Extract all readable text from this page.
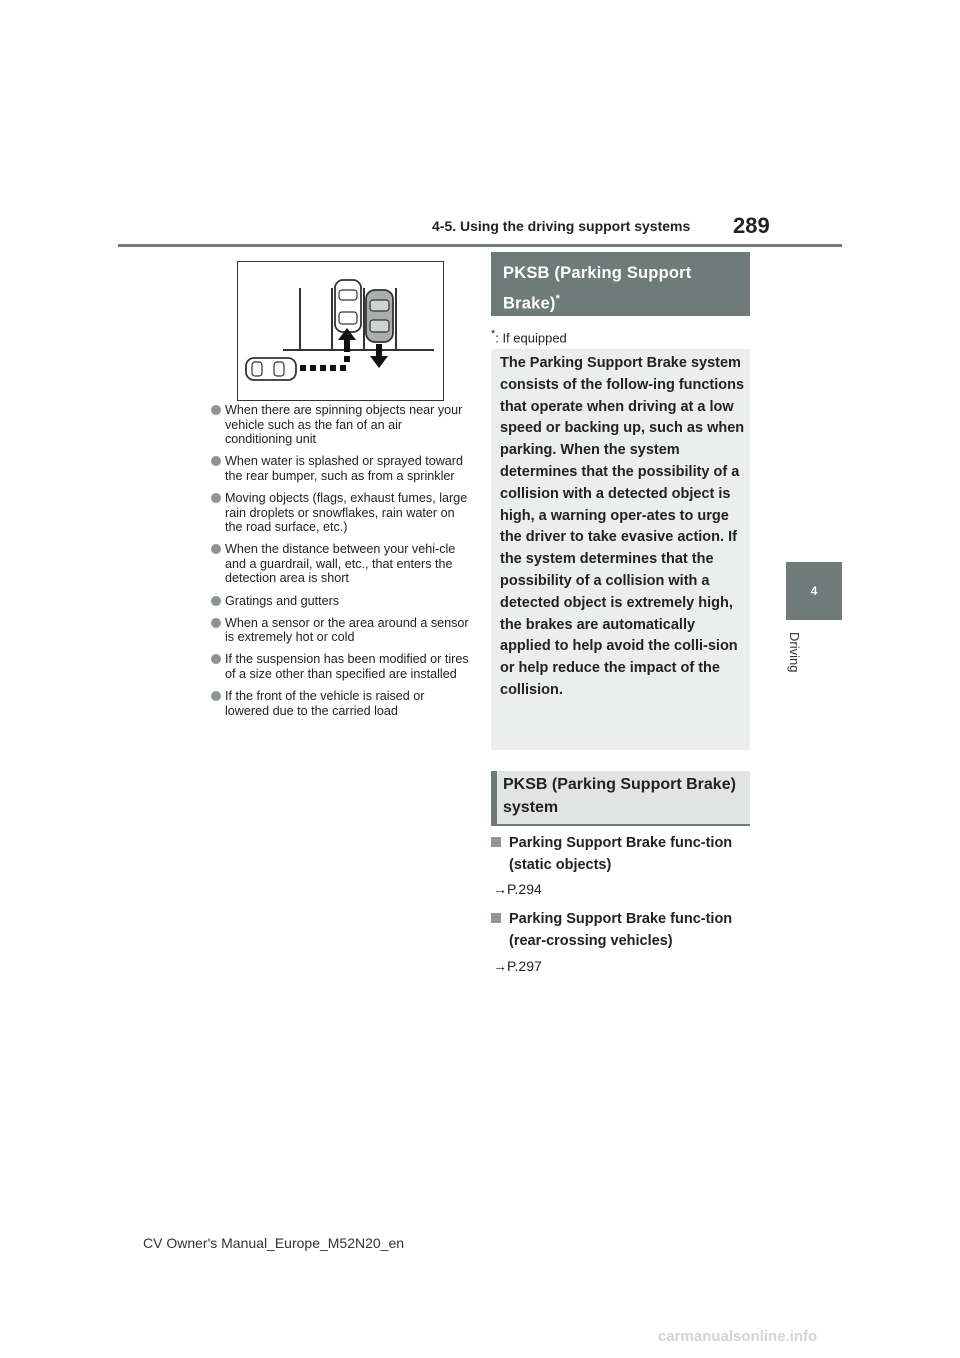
4-5. Using the driving support systems 289
4
Driving
When there are spinning objects near your vehicle such as the fan of an air conditioning unit
When water is splashed or sprayed toward the rear bumper, such as from a sprinkler
Moving objects (flags, exhaust fumes, large rain droplets or snowflakes, rain water on the road surface, etc.)
When the distance between your vehi-cle and a guardrail, wall, etc., that enters the detection area is short
Gratings and gutters
When a sensor or the area around a sensor is extremely hot or cold
If the suspension has been modified or tires of a size other than specified are installed
If the front of the vehicle is raised or lowered due to the carried load
PKSB (Parking Support
Brake)*
*: If equipped
The Parking Support Brake system consists of the follow-ing functions that operate when driving at a low speed or backing up, such as when parking. When the system determines that the possibility of a collision with a detected object is high, a warning oper-ates to urge the driver to take evasive action. If the system determines that the possibility of a collision with a detected object is extremely high, the brakes are automatically applied to help avoid the colli-sion or help reduce the impact of the collision.
PKSB (Parking Support Brake) system
Parking Support Brake func-tion (static objects)
→P.294
Parking Support Brake func-tion (rear-crossing vehicles)
→P.297
CV Owner's Manual_Europe_M52N20_en
carmanualsonline.info
